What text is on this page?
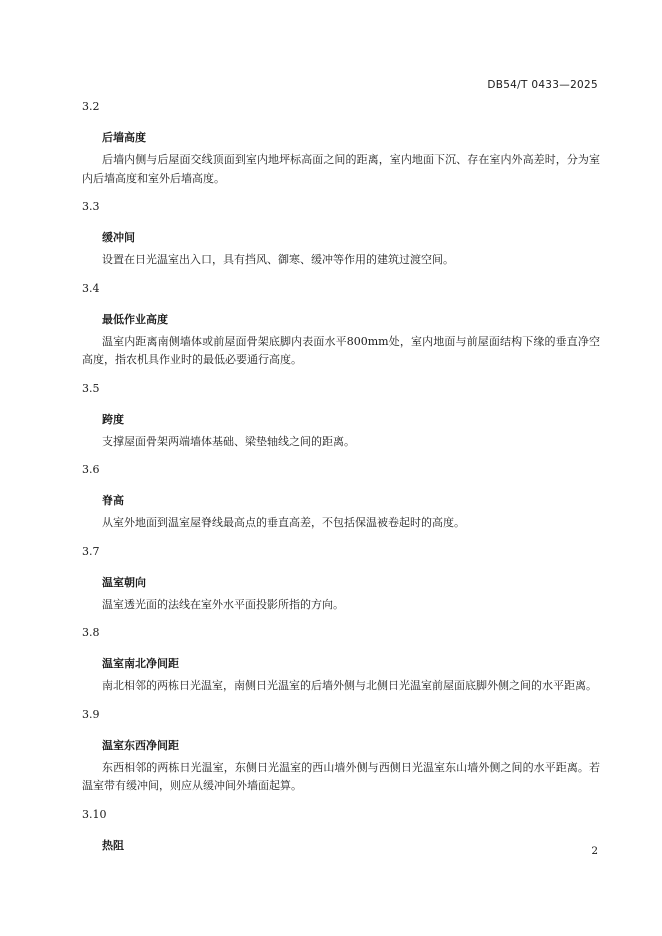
DB54/T 0433—2025
3.2
后墙高度

后墙内侧与后屋面交线顶面到室内地坪标高面之间的距离，室内地面下沉、存在室内外高差时，分为室内后墙高度和室外后墙高度。

3.3
缓冲间

设置在日光温室出入口，具有挡风、御寒、缓冲等作用的建筑过渡空间。

3.4
最低作业高度

温室内距离南侧墙体或前屋面骨架底脚内表面水平800mm处，室内地面与前屋面结构下缘的垂直净空高度，指农机具作业时的最低必要通行高度。

3.5
跨度

支撑屋面骨架两端墙体基础、梁垫轴线之间的距离。

3.6
脊高

从室外地面到温室屋脊线最高点的垂直高差，不包括保温被卷起时的高度。

3.7
温室朝向

温室透光面的法线在室外水平面投影所指的方向。

3.8
温室南北净间距

南北相邻的两栋日光温室，南侧日光温室的后墙外侧与北侧日光温室前屋面底脚外侧之间的水平距离。

3.9
温室东西净间距

东西相邻的两栋日光温室，东侧日光温室的西山墙外侧与西侧日光温室东山墙外侧之间的水平距离。若温室带有缓冲间，则应从缓冲间外墙面起算。

3.10
热阻	2
